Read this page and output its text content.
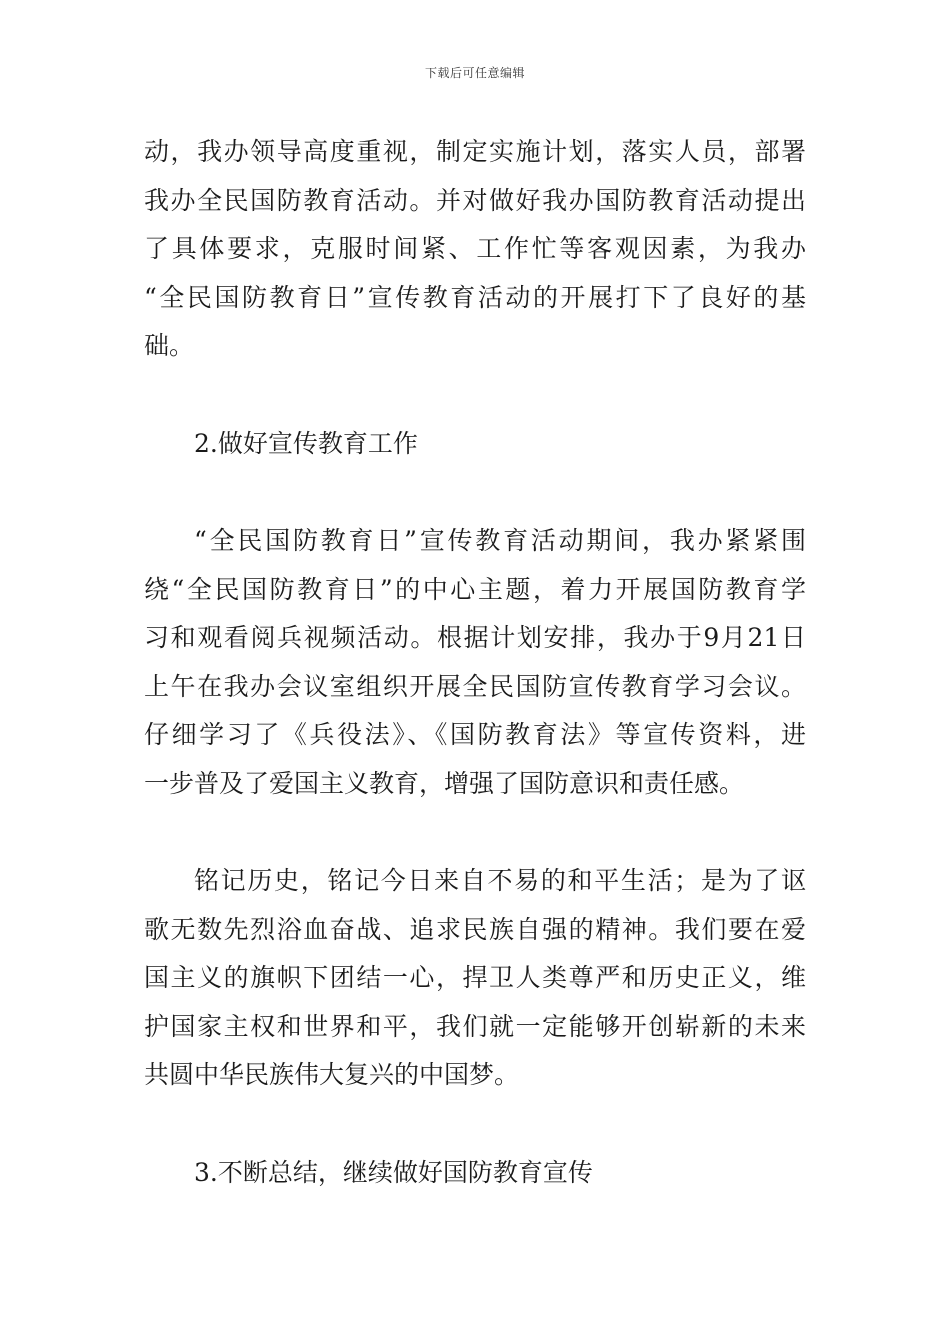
下载后可任意编辑

动，我办领导高度重视，制定实施计划，落实人员，部署
我办全民国防教育活动。并对做好我办国防教育活动提出
了具体要求，克服时间紧、工作忙等客观因素，为我办
“全民国防教育日”宣传教育活动的开展打下了良好的基
础。

2.做好宣传教育工作

“全民国防教育日”宣传教育活动期间，我办紧紧围
绕“全民国防教育日”的中心主题，着力开展国防教育学
习和观看阅兵视频活动。根据计划安排，我办于9月21日
上午在我办会议室组织开展全民国防宣传教育学习会议。
仔细学习了《兵役法》、《国防教育法》等宣传资料，进
一步普及了爱国主义教育，增强了国防意识和责任感。

铭记历史，铭记今日来自不易的和平生活；是为了讴
歌无数先烈浴血奋战、追求民族自强的精神。我们要在爱
国主义的旗帜下团结一心，捍卫人类尊严和历史正义，维
护国家主权和世界和平，我们就一定能够开创崭新的未来
共圆中华民族伟大复兴的中国梦。

3.不断总结，继续做好国防教育宣传
